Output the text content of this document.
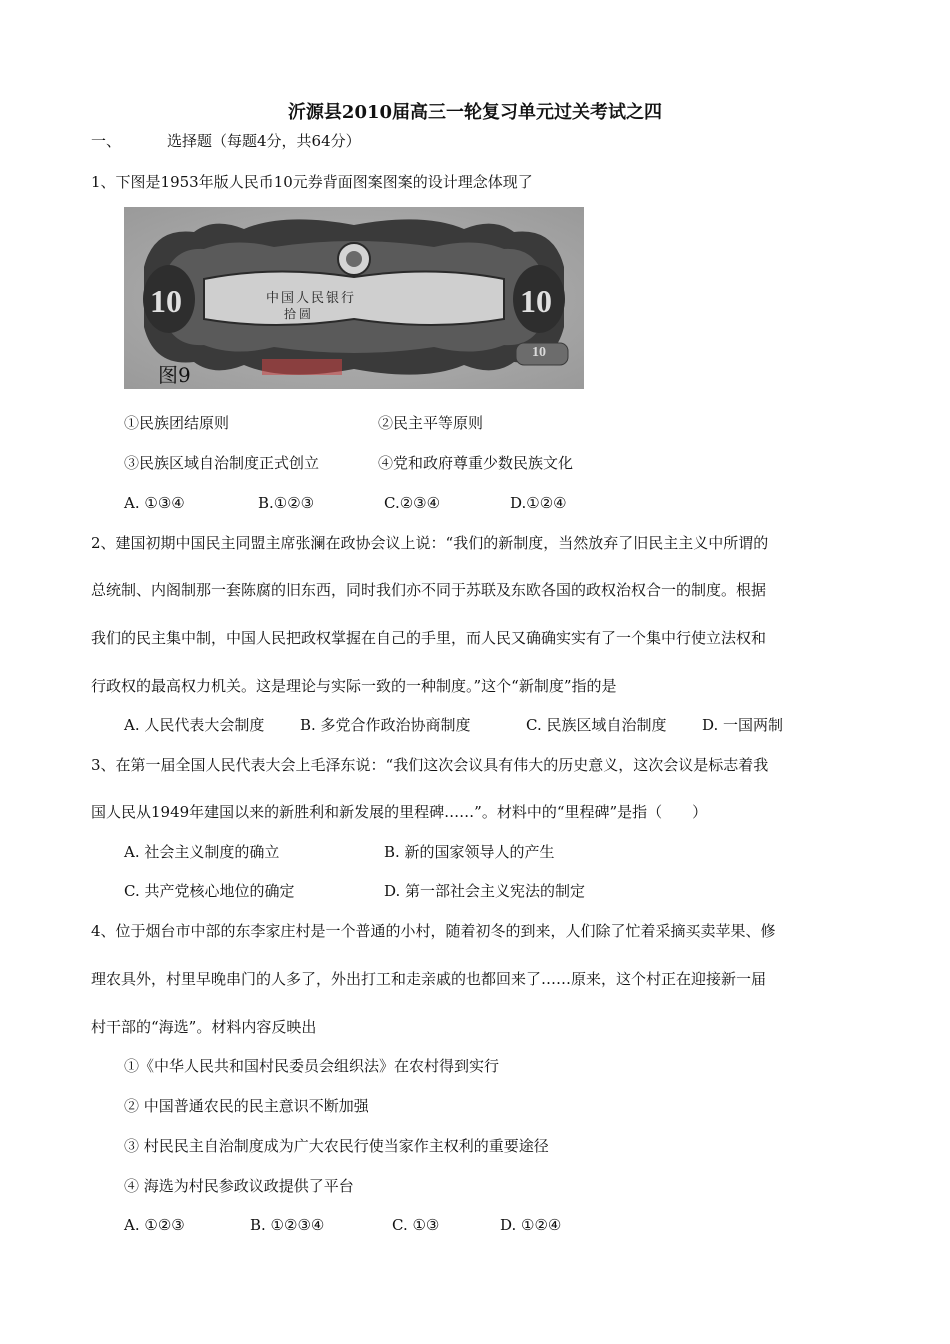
沂源县2010届高三一轮复习单元过关考试之四
一、	选择题（每题4分，共64分）
1、下图是1953年版人民币10元券背面图案图案的设计理念体现了
10	10
10
中国人民银行
拾圆
图9
①民族团结原则	②民主平等原则
③民族区域自治制度正式创立	④党和政府尊重少数民族文化
A. ①③④	B.①②③	C.②③④	D.①②④
2、建国初期中国民主同盟主席张澜在政协会议上说：“我们的新制度，当然放弃了旧民主主义中所谓的
总统制、内阁制那一套陈腐的旧东西，同时我们亦不同于苏联及东欧各国的政权治权合一的制度。根据
我们的民主集中制，中国人民把政权掌握在自己的手里，而人民又确确实实有了一个集中行使立法权和
行政权的最高权力机关。这是理论与实际一致的一种制度。”这个“新制度”指的是
A. 人民代表大会制度 B. 多党合作政治协商制度	C. 民族区域自治制度 D. 一国两制
3、在第一届全国人民代表大会上毛泽东说：“我们这次会议具有伟大的历史意义，这次会议是标志着我
国人民从1949年建国以来的新胜利和新发展的里程碑……”。材料中的“里程碑”是指（　　）
A. 社会主义制度的确立	B. 新的国家领导人的产生
C. 共产党核心地位的确定	D. 第一部社会主义宪法的制定
4、位于烟台市中部的东李家庄村是一个普通的小村，随着初冬的到来，人们除了忙着采摘买卖苹果、修
理农具外，村里早晚串门的人多了，外出打工和走亲戚的也都回来了……原来，这个村正在迎接新一届
村干部的“海选”。材料内容反映出
①《中华人民共和国村民委员会组织法》在农村得到实行
② 中国普通农民的民主意识不断加强
③ 村民民主自治制度成为广大农民行使当家作主权利的重要途径
④ 海选为村民参政议政提供了平台
A. ①②③	B. ①②③④	C. ①③	D. ①②④
